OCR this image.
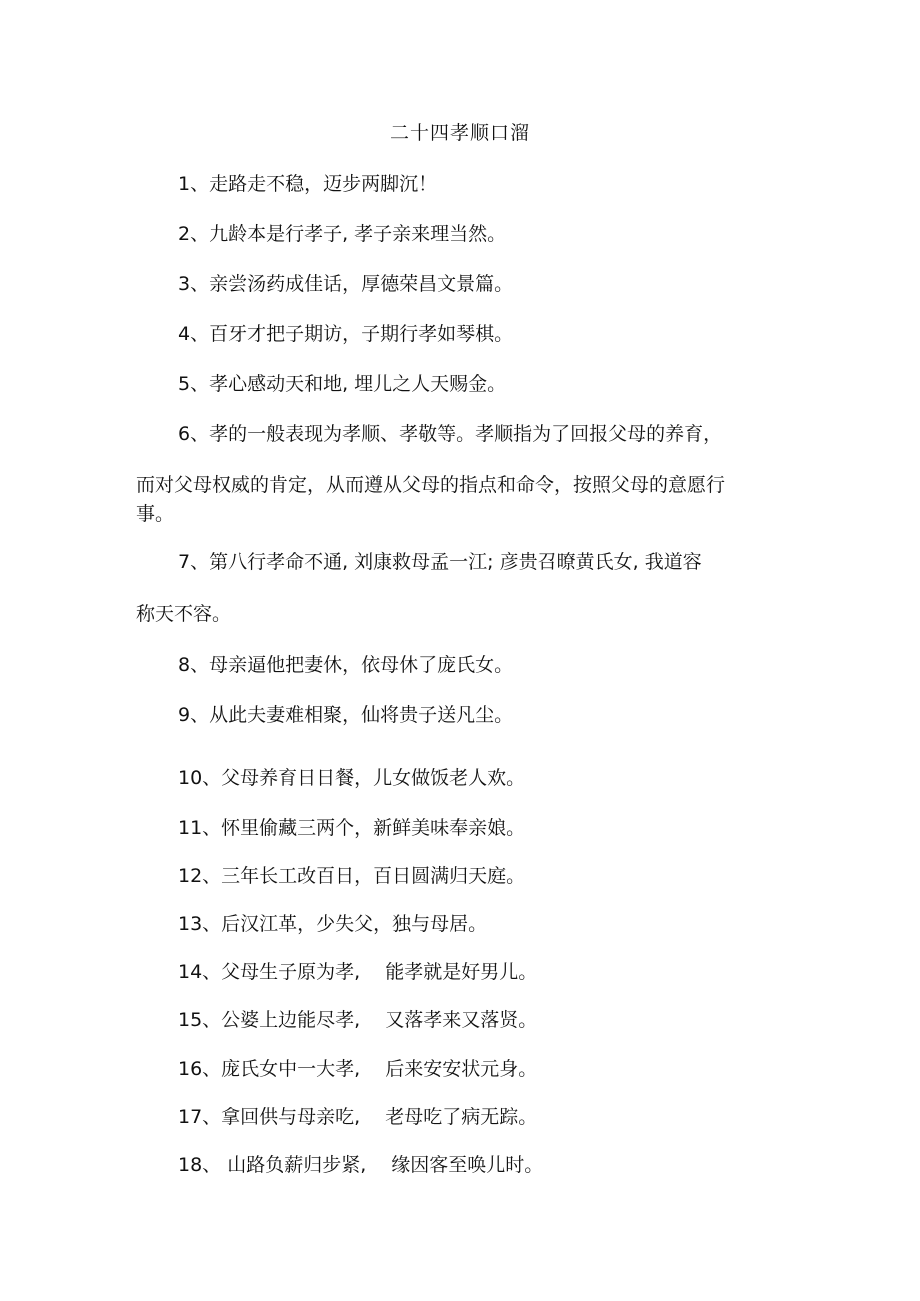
二十四孝顺口溜
1、走路走不稳，迈步两脚沉！
2、九龄本是行孝子, 孝子亲来理当然。
3、亲尝汤药成佳话，厚德荣昌文景篇。
4、百牙才把子期访，子期行孝如琴棋。
5、孝心感动天和地, 埋儿之人天赐金。
6、孝的一般表现为孝顺、孝敬等。孝顺指为了回报父母的养育，
而对父母权威的肯定，从而遵从父母的指点和命令，按照父母的意愿行
事。
7、第八行孝命不通, 刘康救母孟一江; 彦贵召暸黄氏女, 我道容
称天不容。
8、母亲逼他把妻休，依母休了庞氏女。
9、从此夫妻难相聚，仙将贵子送凡尘。
10、父母养育日日餐，儿女做饭老人欢。
11、怀里偷藏三两个，新鲜美味奉亲娘。
12、三年长工改百日，百日圆满归天庭。
13、后汉江革，少失父，独与母居。
14、父母生子原为孝,　 能孝就是好男儿。
15、公婆上边能尽孝,　 又落孝来又落贤。
16、庞氏女中一大孝,　 后来安安状元身。
17、拿回供与母亲吃,　 老母吃了病无踪。
18、 山路负薪归步紧,　 缘因客至唤儿时。
